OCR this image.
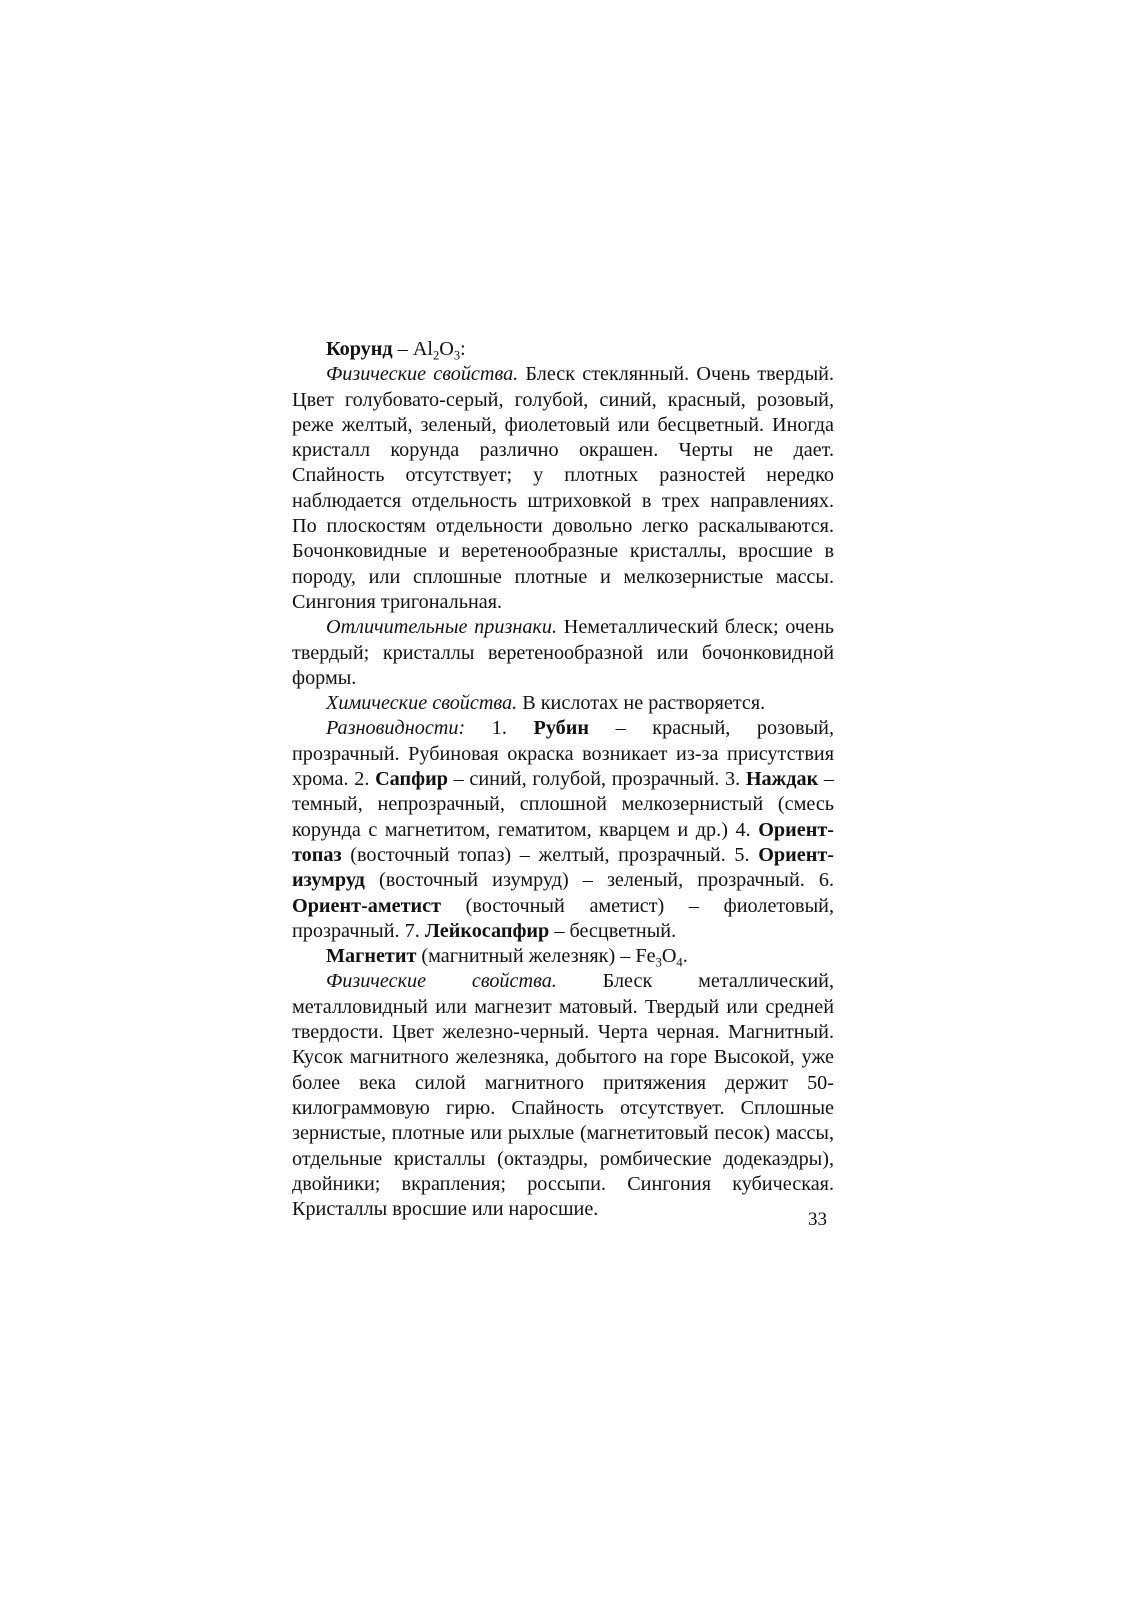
Корунд – $Al_2O_3$:

Физические свойства. Блеск стеклянный. Очень твердый. Цвет голубовато-серый, голубой, синий, красный, розовый, реже желтый, зеленый, фиолетовый или бесцветный. Иногда кристалл корунда различно окрашен. Черты не дает. Спайность отсутствует; у плотных разностей нередко наблюдается отдельность штриховкой в трех направлениях. По плоскостям отдельности довольно легко раскалываются. Бочонковидные и веретенообразные кристаллы, вросшие в породу, или сплошные плотные и мелкозернистые массы. Сингония тригональная.

Отличительные признаки. Неметаллический блеск; очень твердый; кристаллы веретенообразной или бочонковидной формы.

Химические свойства. В кислотах не растворяется.

Разновидности: 1. Рубин – красный, розовый, прозрачный. Рубиновая окраска возникает из-за присутствия хрома. 2. Сапфир – синий, голубой, прозрачный. 3. Наждак – темный, непрозрачный, сплошной мелкозернистый (смесь корунда с магнетитом, гематитом, кварцем и др.) 4. Ориент-топаз (восточный топаз) – желтый, прозрачный. 5. Ориент-изумруд (восточный изумруд) – зеленый, прозрачный. 6. Ориент-аметист (восточный аметист) – фиолетовый, прозрачный. 7. Лейкосапфир – бесцветный.

Магнетит (магнитный железняк) – $Fe_3O_4$.

Физические свойства. Блеск металлический, металловидный или магнезит матовый. Твердый или средней твердости. Цвет железно-черный. Черта черная. Магнитный. Кусок магнитного железняка, добытого на горе Высокой, уже более века силой магнитного притяжения держит 50-килограммовую гирю. Спайность отсутствует. Сплошные зернистые, плотные или рыхлые (магнетитовый песок) массы, отдельные кристаллы (октаэдры, ромбические додекаэдры), двойники; вкрапления; россыпи. Сингония кубическая. Кристаллы вросшие или наросшие.	33
